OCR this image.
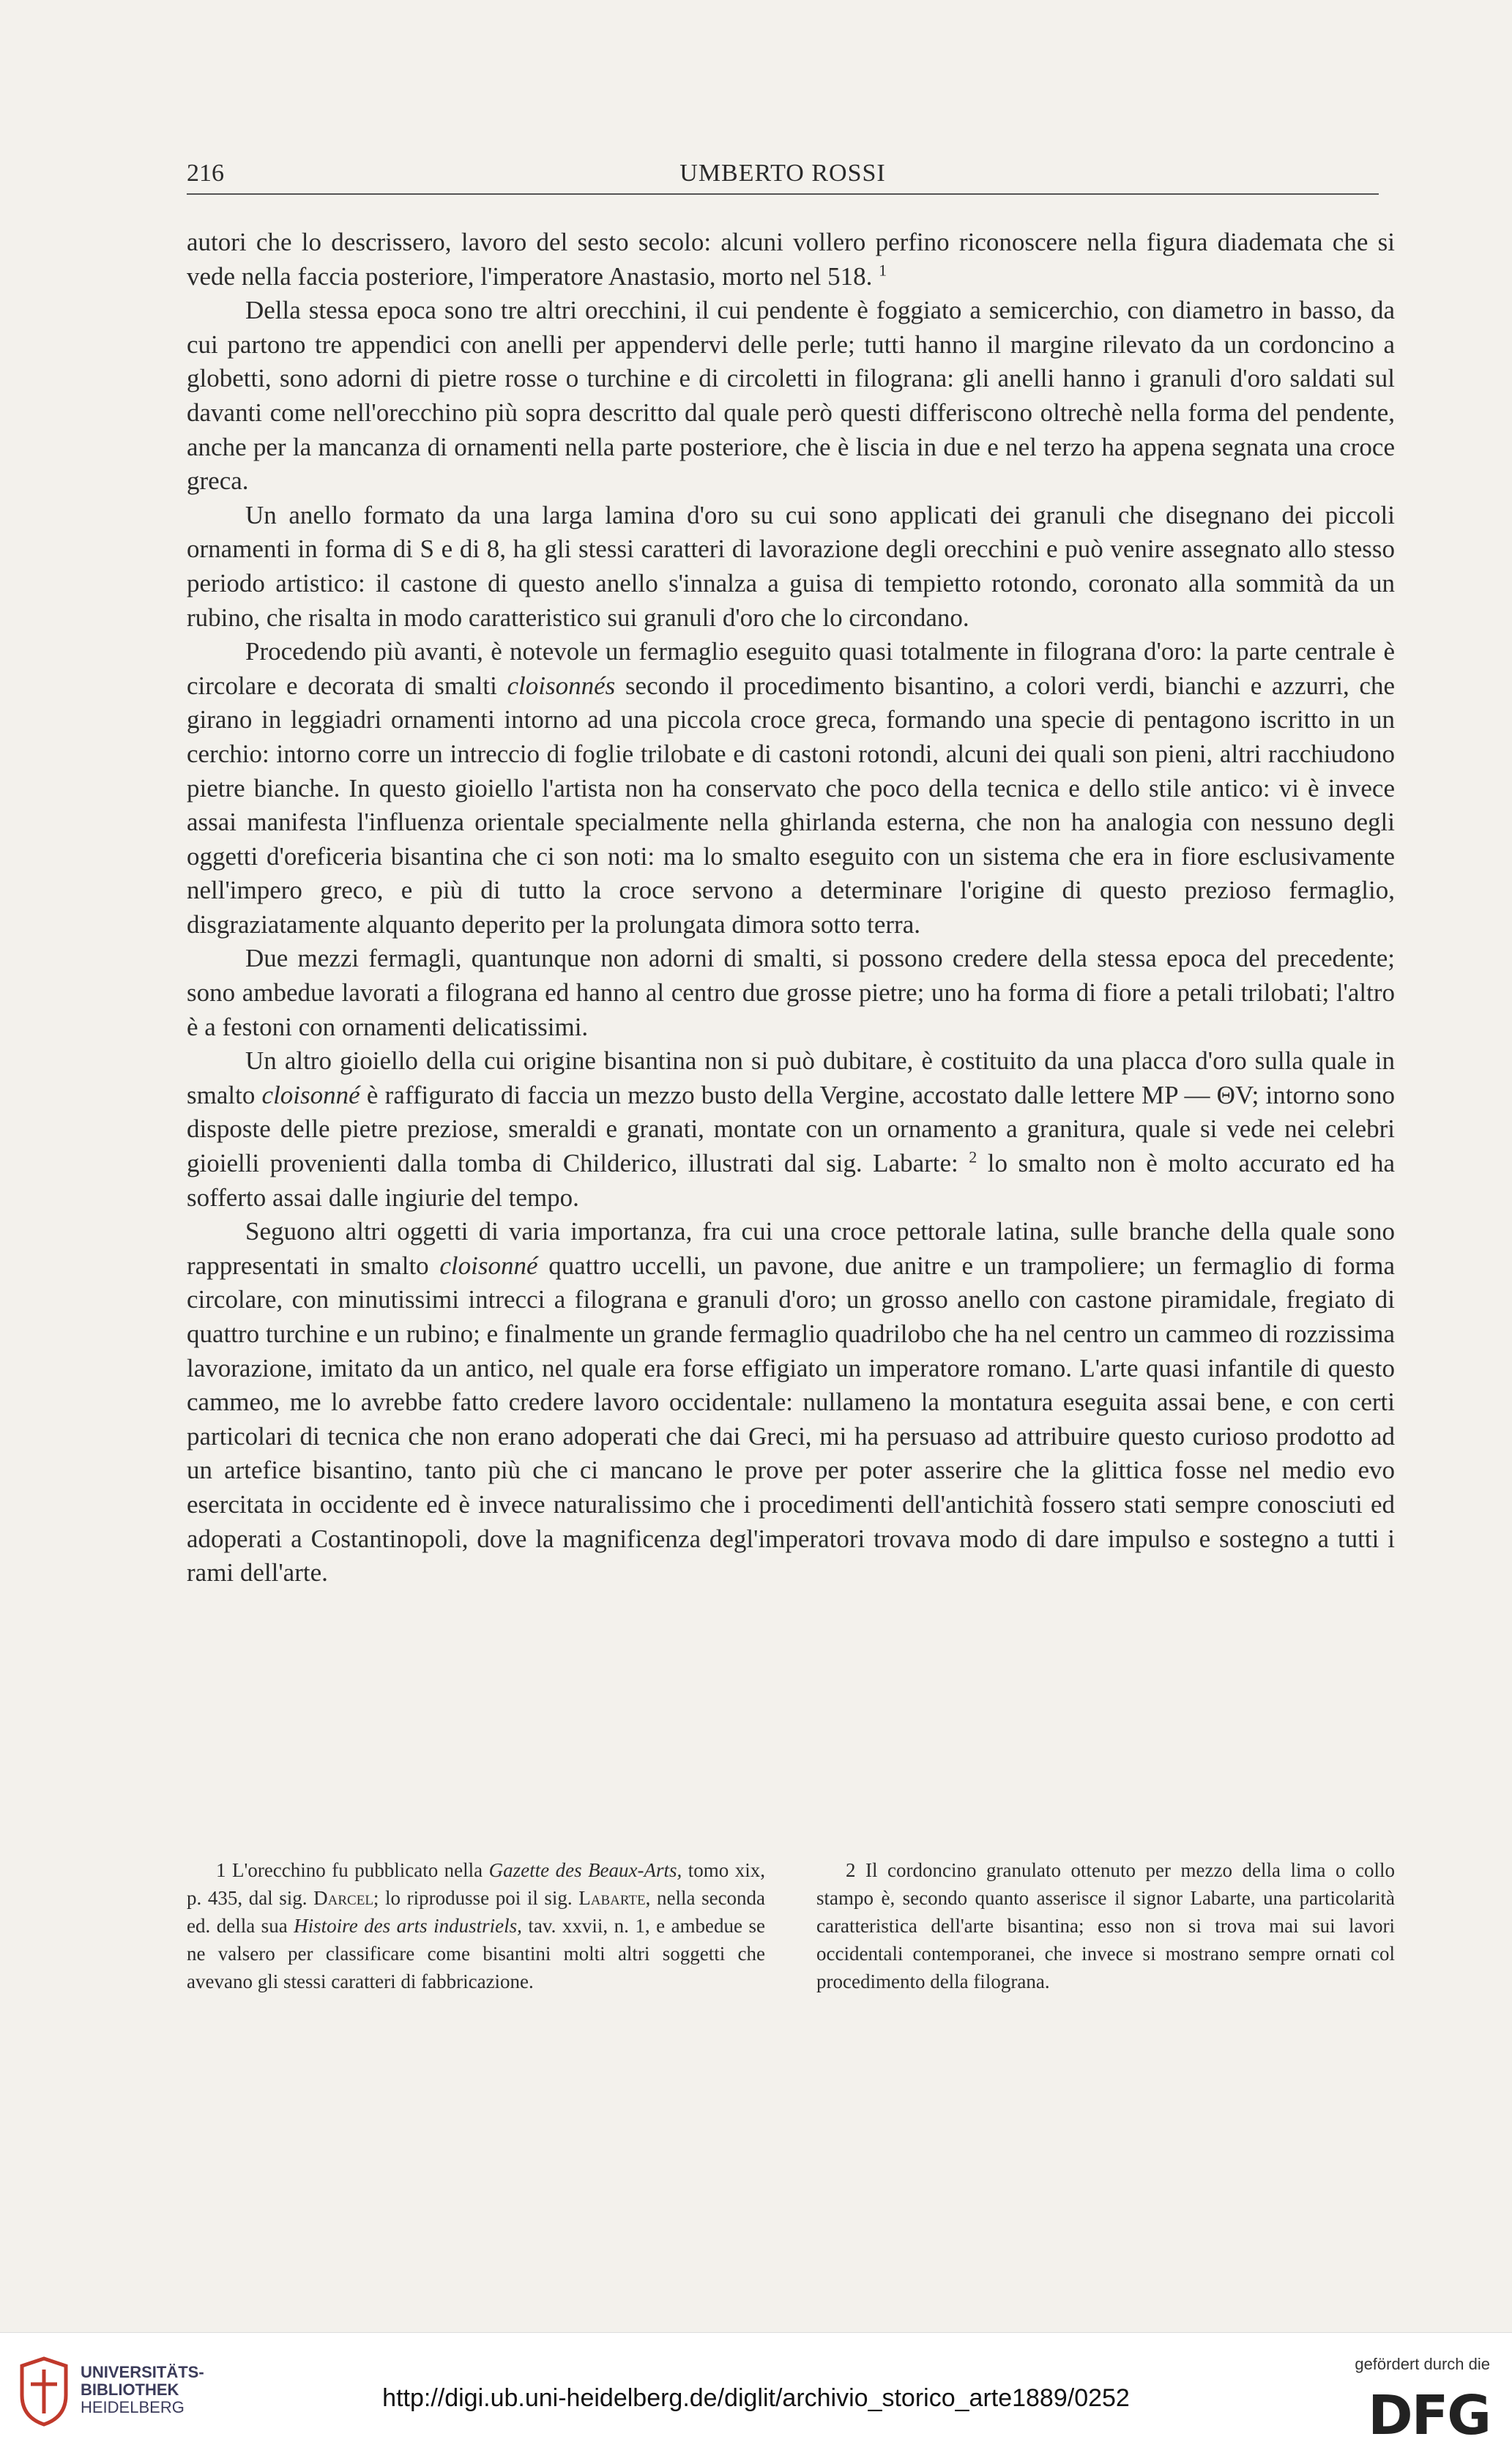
216	UMBERTO ROSSI

autori che lo descrissero, lavoro del sesto secolo: alcuni vollero perfino riconoscere nella figura diademata che si vede nella faccia posteriore, l'imperatore Anastasio, morto nel 518. $^1$

Della stessa epoca sono tre altri orecchini, il cui pendente è foggiato a semicerchio, con diametro in basso, da cui partono tre appendici con anelli per appendervi delle perle; tutti hanno il margine rilevato da un cordoncino a globetti, sono adorni di pietre rosse o turchine e di circoletti in filograna: gli anelli hanno i granuli d'oro saldati sul davanti come nell'orecchino più sopra descritto dal quale però questi differiscono oltrechè nella forma del pendente, anche per la mancanza di ornamenti nella parte posteriore, che è liscia in due e nel terzo ha appena segnata una croce greca.

Un anello formato da una larga lamina d'oro su cui sono applicati dei granuli che disegnano dei piccoli ornamenti in forma di S e di 8, ha gli stessi caratteri di lavorazione degli orecchini e può venire assegnato allo stesso periodo artistico: il castone di questo anello s'innalza a guisa di tempietto rotondo, coronato alla sommità da un rubino, che risalta in modo caratteristico sui granuli d'oro che lo circondano.

Procedendo più avanti, è notevole un fermaglio eseguito quasi totalmente in filograna d'oro: la parte centrale è circolare e decorata di smalti cloisonnés secondo il procedimento bisantino, a colori verdi, bianchi e azzurri, che girano in leggiadri ornamenti intorno ad una piccola croce greca, formando una specie di pentagono iscritto in un cerchio: intorno corre un intreccio di foglie trilobate e di castoni rotondi, alcuni dei quali son pieni, altri racchiudono pietre bianche. In questo gioiello l'artista non ha conservato che poco della tecnica e dello stile antico: vi è invece assai manifesta l'influenza orientale specialmente nella ghirlanda esterna, che non ha analogia con nessuno degli oggetti d'oreficeria bisantina che ci son noti: ma lo smalto eseguito con un sistema che era in fiore esclusivamente nell'impero greco, e più di tutto la croce servono a determinare l'origine di questo prezioso fermaglio, disgraziatamente alquanto deperito per la prolungata dimora sotto terra.

Due mezzi fermagli, quantunque non adorni di smalti, si possono credere della stessa epoca del precedente; sono ambedue lavorati a filograna ed hanno al centro due grosse pietre; uno ha forma di fiore a petali trilobati; l'altro è a festoni con ornamenti delicatissimi.

Un altro gioiello della cui origine bisantina non si può dubitare, è costituito da una placca d'oro sulla quale in smalto cloisonné è raffigurato di faccia un mezzo busto della Vergine, accostato dalle lettere MP — ΘV; intorno sono disposte delle pietre preziose, smeraldi e granati, montate con un ornamento a granitura, quale si vede nei celebri gioielli provenienti dalla tomba di Childerico, illustrati dal sig. Labarte: $^2$ lo smalto non è molto accurato ed ha sofferto assai dalle ingiurie del tempo.

Seguono altri oggetti di varia importanza, fra cui una croce pettorale latina, sulle branche della quale sono rappresentati in smalto cloisonné quattro uccelli, un pavone, due anitre e un trampoliere; un fermaglio di forma circolare, con minutissimi intrecci a filograna e granuli d'oro; un grosso anello con castone piramidale, fregiato di quattro turchine e un rubino; e finalmente un grande fermaglio quadrilobo che ha nel centro un cammeo di rozzissima lavorazione, imitato da un antico, nel quale era forse effigiato un imperatore romano. L'arte quasi infantile di questo cammeo, me lo avrebbe fatto credere lavoro occidentale: nullameno la montatura eseguita assai bene, e con certi particolari di tecnica che non erano adoperati che dai Greci, mi ha persuaso ad attribuire questo curioso prodotto ad un artefice bisantino, tanto più che ci mancano le prove per poter asserire che la glittica fosse nel medio evo esercitata in occidente ed è invece naturalissimo che i procedimenti dell'antichità fossero stati sempre conosciuti ed adoperati a Costantinopoli, dove la magnificenza degl'imperatori trovava modo di dare impulso e sostegno a tutti i rami dell'arte.

1 L'orecchino fu pubblicato nella Gazette des Beaux-Arts, tomo xix, p. 435, dal sig. Darcel; lo riprodusse poi il sig. Labarte, nella seconda ed. della sua Histoire des arts industriels, tav. xxvii, n. 1, e ambedue se ne valsero per classificare come bisantini molti altri soggetti che avevano gli stessi caratteri di fabbricazione.

2 Il cordoncino granulato ottenuto per mezzo della lima o collo stampo è, secondo quanto asserisce il signor Labarte, una particolarità caratteristica dell'arte bisantina; esso non si trova mai sui lavori occidentali contemporanei, che invece si mostrano sempre ornati col procedimento della filograna.

UNIVERSITÄTS-
BIBLIOTHEK
HEIDELBERG	http://digi.ub.uni-heidelberg.de/diglit/archivio_storico_arte1889/0252
gefördert durch die
DFG
